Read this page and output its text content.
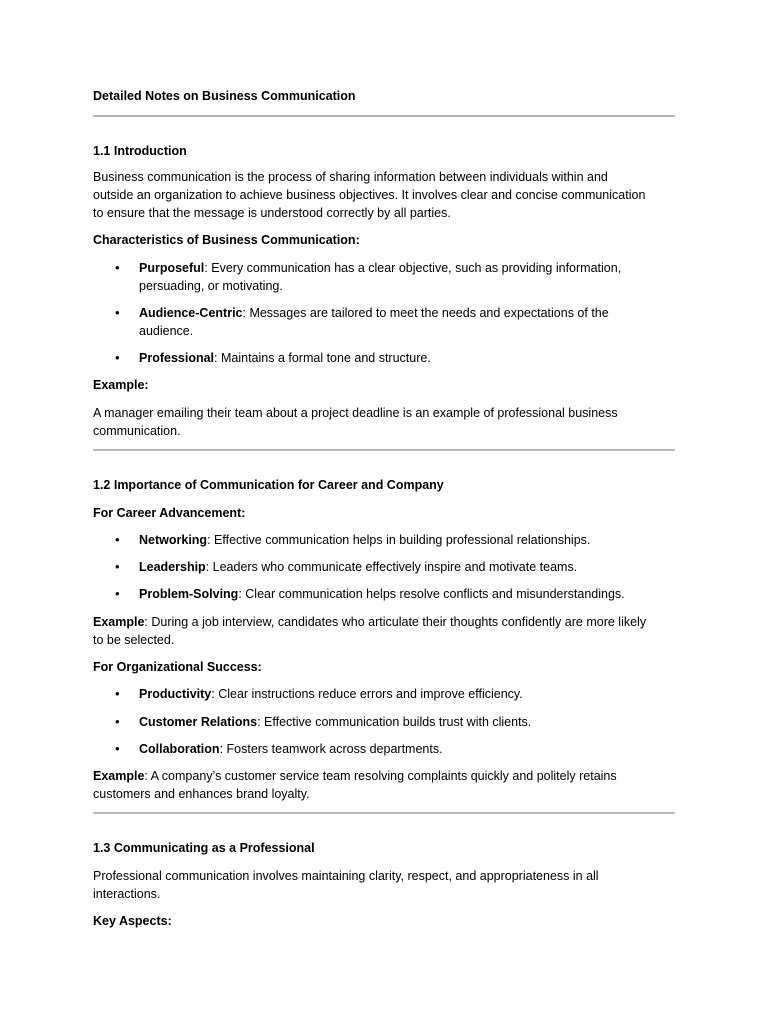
Detailed Notes on Business Communication
1.1 Introduction
Business communication is the process of sharing information between individuals within and
outside an organization to achieve business objectives. It involves clear and concise communication
to ensure that the message is understood correctly by all parties.
Characteristics of Business Communication:
• Purposeful: Every communication has a clear objective, such as providing information,
persuading, or motivating.
• Audience-Centric: Messages are tailored to meet the needs and expectations of the
audience.
• Professional: Maintains a formal tone and structure.
Example:
A manager emailing their team about a project deadline is an example of professional business
communication.
1.2 Importance of Communication for Career and Company
For Career Advancement:
• Networking: Effective communication helps in building professional relationships.
• Leadership: Leaders who communicate effectively inspire and motivate teams.
• Problem-Solving: Clear communication helps resolve conflicts and misunderstandings.
Example: During a job interview, candidates who articulate their thoughts confidently are more likely
to be selected.
For Organizational Success:
• Productivity: Clear instructions reduce errors and improve efficiency.
• Customer Relations: Effective communication builds trust with clients.
• Collaboration: Fosters teamwork across departments.
Example: A company’s customer service team resolving complaints quickly and politely retains
customers and enhances brand loyalty.
1.3 Communicating as a Professional
Professional communication involves maintaining clarity, respect, and appropriateness in all
interactions.
Key Aspects:
